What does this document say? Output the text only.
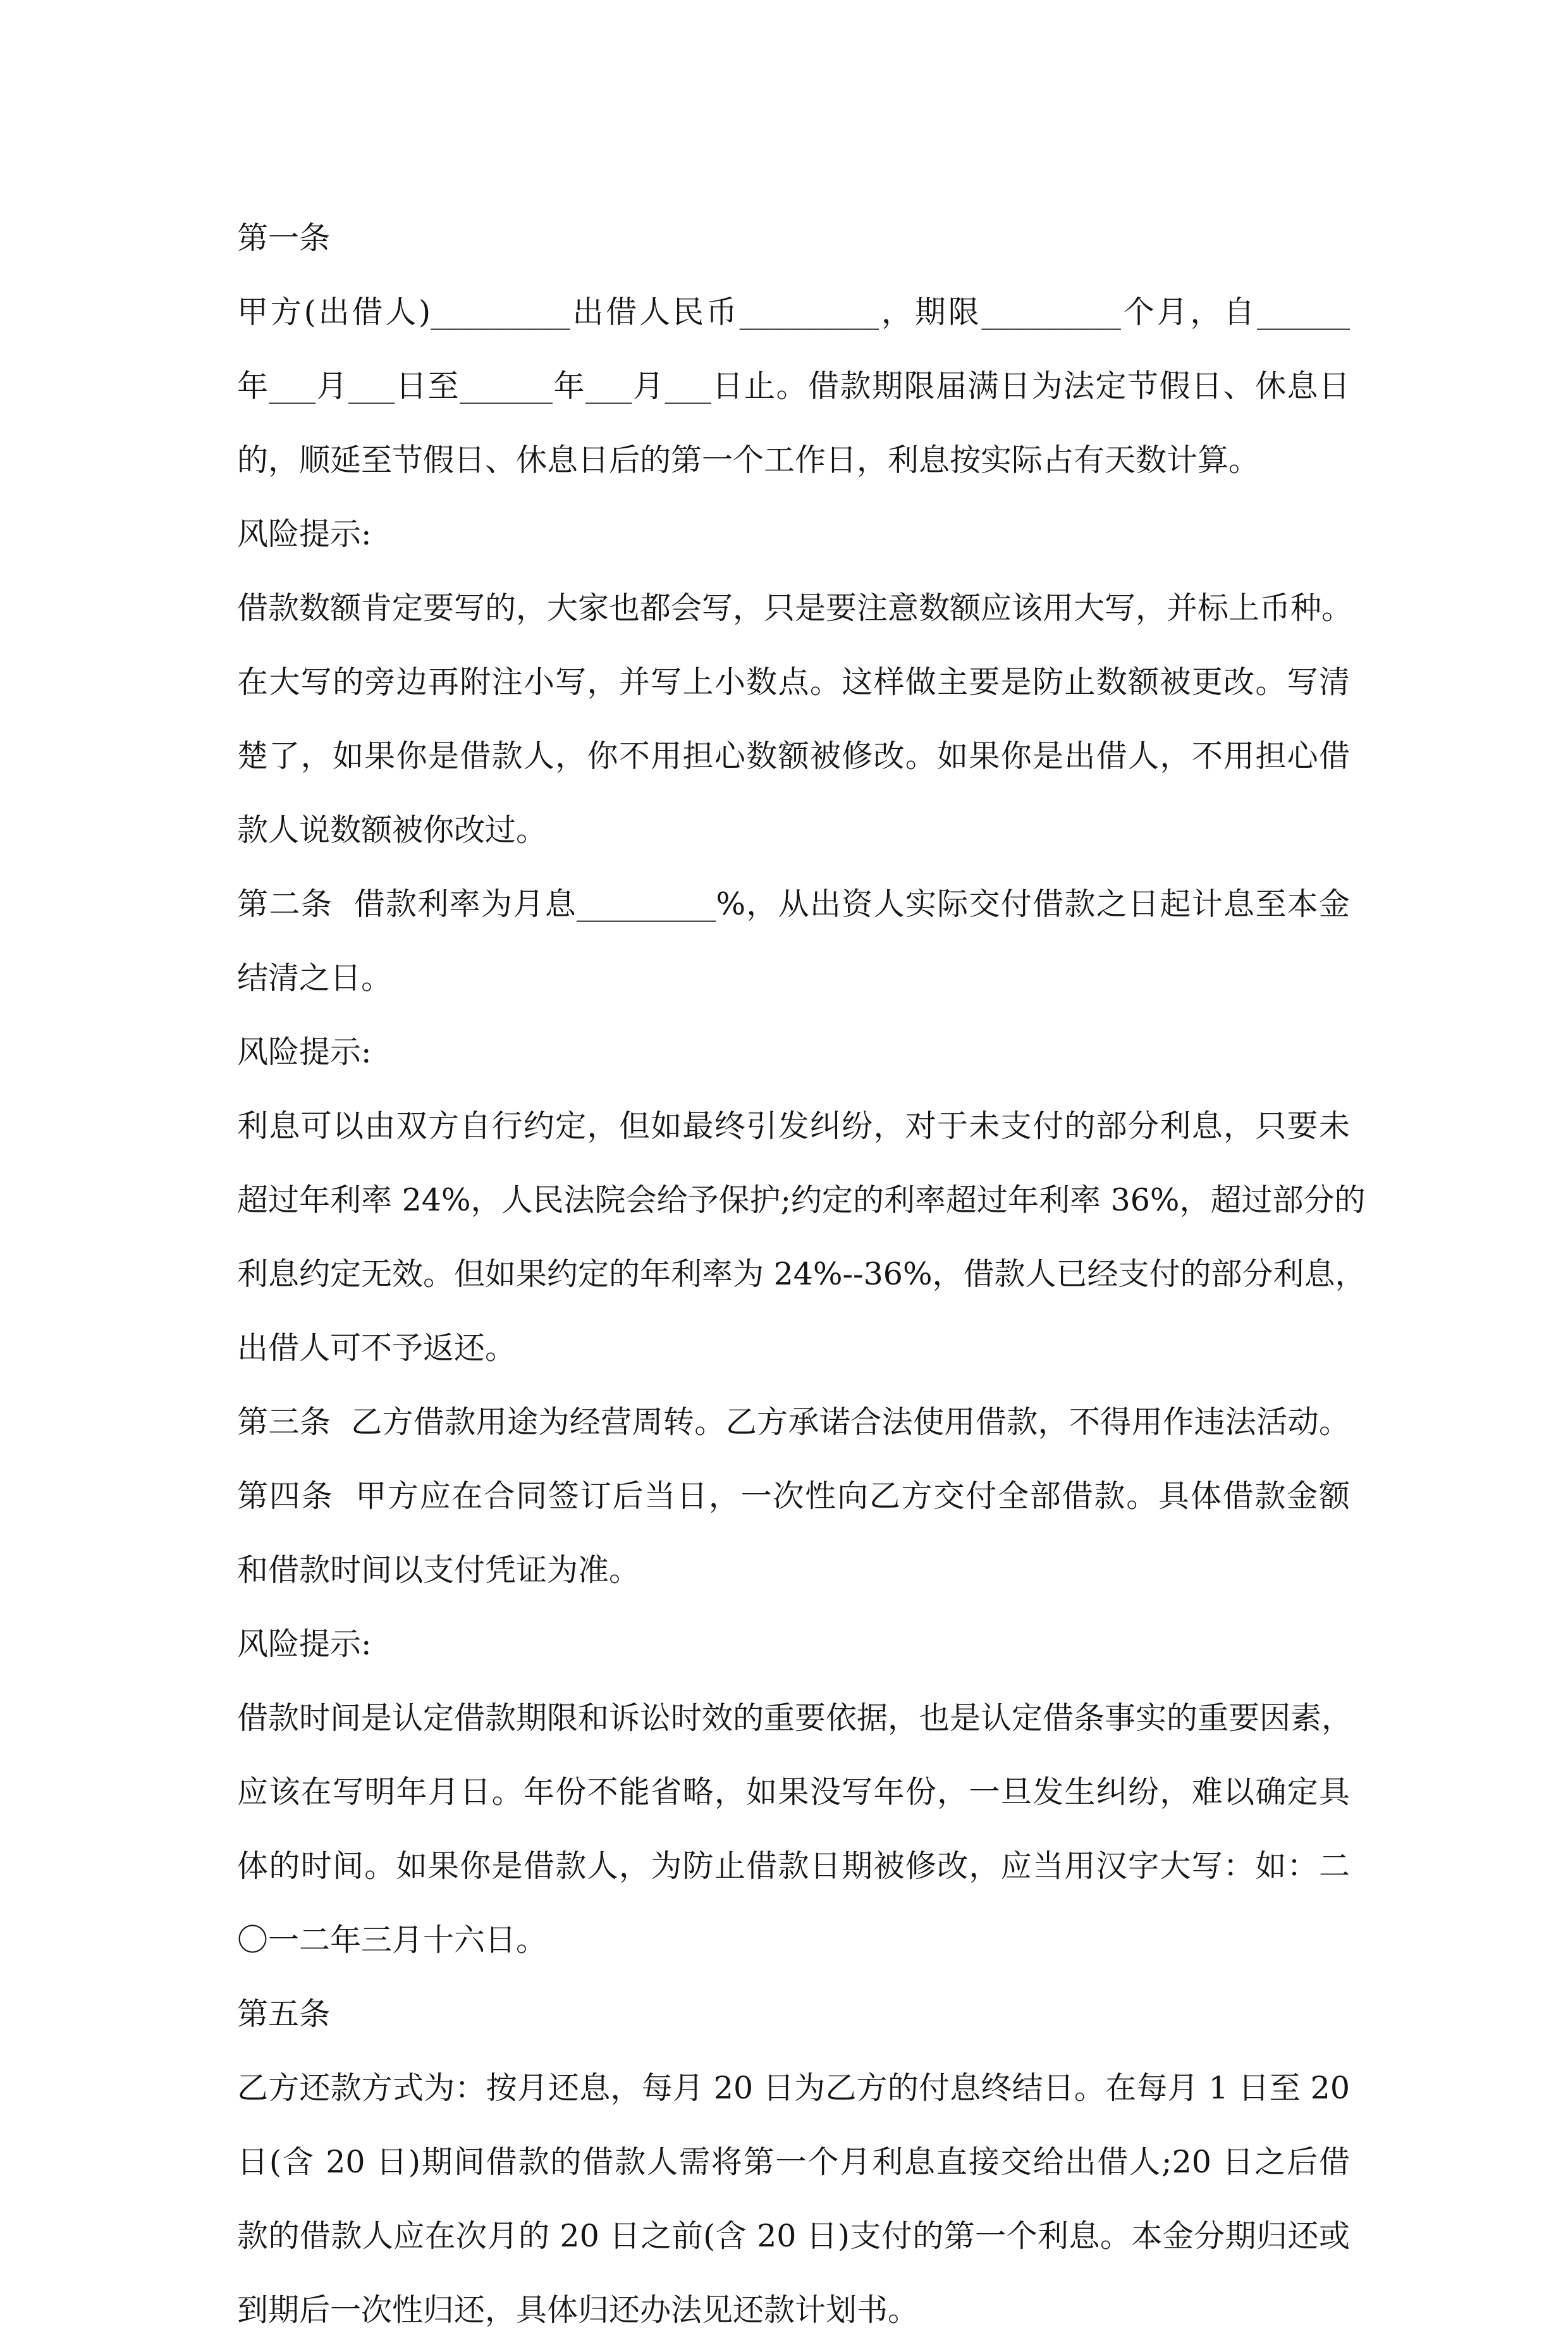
第一条
甲方(出借人)_________出借人民币_________，期限_________个月，自______
年___月___日至______年___月___日止。借款期限届满日为法定节假日、休息日
的，顺延至节假日、休息日后的第一个工作日，利息按实际占有天数计算。
风险提示:
借款数额肯定要写的，大家也都会写，只是要注意数额应该用大写，并标上币种。
在大写的旁边再附注小写，并写上小数点。这样做主要是防止数额被更改。写清
楚了，如果你是借款人，你不用担心数额被修改。如果你是出借人，不用担心借
款人说数额被你改过。
第二条  借款利率为月息_________%，从出资人实际交付借款之日起计息至本金
结清之日。
风险提示:
利息可以由双方自行约定，但如最终引发纠纷，对于未支付的部分利息，只要未
超过年利率 24%，人民法院会给予保护;约定的利率超过年利率 36%，超过部分的
利息约定无效。但如果约定的年利率为 24%--36%，借款人已经支付的部分利息，
出借人可不予返还。
第三条  乙方借款用途为经营周转。乙方承诺合法使用借款，不得用作违法活动。
第四条  甲方应在合同签订后当日，一次性向乙方交付全部借款。具体借款金额
和借款时间以支付凭证为准。
风险提示:
借款时间是认定借款期限和诉讼时效的重要依据，也是认定借条事实的重要因素，
应该在写明年月日。年份不能省略，如果没写年份，一旦发生纠纷，难以确定具
体的时间。如果你是借款人，为防止借款日期被修改，应当用汉字大写：如：二
〇一二年三月十六日。
第五条
乙方还款方式为：按月还息，每月 20 日为乙方的付息终结日。在每月 1 日至 20
日(含 20 日)期间借款的借款人需将第一个月利息直接交给出借人;20 日之后借
款的借款人应在次月的 20 日之前(含 20 日)支付的第一个利息。本金分期归还或
到期后一次性归还，具体归还办法见还款计划书。
